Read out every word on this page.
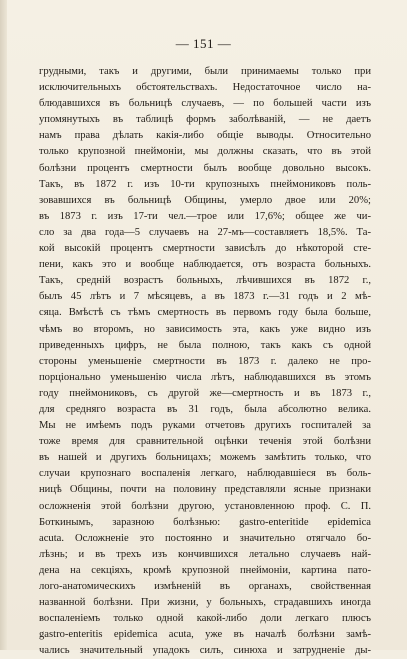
— 151 —
грудными, такъ и другими, были принимаемы только при
исключительныхъ обстоятельствахъ. Недостаточное число на-
блюдавшихся въ больницѣ случаевъ, — по большей части изъ
упомянутыхъ въ таблицѣ формъ заболѣваній, — не даетъ
намъ права дѣлать какія-либо общіе выводы. Относительно
только крупозной пнеймоніи, мы должны сказать, что въ этой
болѣзни процентъ смертности былъ вообще довольно высокъ.
Такъ, въ 1872 г. изъ 10-ти крупозныхъ пнеймониковъ поль-
зовавшихся въ больницѣ Общины, умерло двое или 20%;
въ 1873 г. изъ 17-ти чел.—трое или 17,6%; общее же чи-
сло за два года—5 случаевъ на 27-мъ—составляетъ 18,5%. Та-
кой высокій процентъ смертности зависѣлъ до нѣкоторой сте-
пени, какъ это и вообще наблюдается, отъ возраста больныхъ.
Такъ, средній возрастъ больныхъ, лѣчившихся въ 1872 г.,
былъ 45 лѣтъ и 7 мѣсяцевъ, а въ 1873 г.—31 годъ и 2 мѣ-
сяца. Вмѣстѣ съ тѣмъ смертность въ первомъ году была больше,
чѣмъ во второмъ, но зависимость эта, какъ уже видно изъ
приведенныхъ цифръ, не была полною, такъ какъ съ одной
стороны уменьшеніе смертности въ 1873 г. далеко не про-
порціонально уменьшенію числа лѣтъ, наблюдавшихся въ этомъ
году пнеймониковъ, съ другой же—смертность и въ 1873 г.,
для средняго возраста въ 31 годъ, была абсолютно велика.
Мы не имѣемъ подъ руками отчетовъ другихъ госпиталей за
тоже время для сравнительной оцѣнки теченія этой болѣзни
въ нашей и другихъ больницахъ; можемъ замѣтить только, что
случаи крупознаго воспаленія легкаго, наблюдавшіеся въ боль-
ницѣ Общины, почти на половину представляли ясные признаки
осложненія этой болѣзни другою, установленною проф. С. П.
Боткинымъ, заразною болѣзнью: gastro-enteritide epidemica
acuta. Осложненіе это постоянно и значительно отягчало бо-
лѣзнь; и въ трехъ изъ кончившихся летально случаевъ най-
дена на секціяхъ, кромѣ крупозной пнеймоніи, картина пато-
лого-анатомическихъ измѣненій въ органахъ, свойственная
названной болѣзни. При жизни, у больныхъ, страдавшихъ иногда
воспаленіемъ только одной какой-либо доли легкаго плюсъ
gastro-enteritis epidemica acuta, уже въ началѣ болѣзни замѣ-
чались значительный упадокъ силъ, синюха и затрудненіе ды-
